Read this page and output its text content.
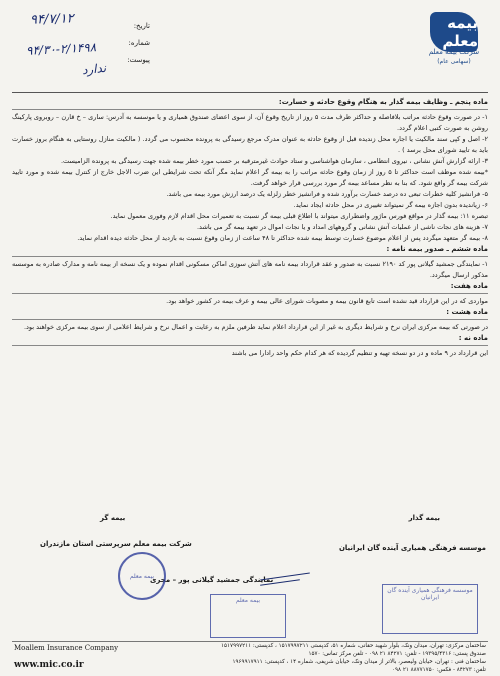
بیمه معلم
شرکت بیمه معلم
(سهامی عام)
تاریخ:
شماره:
پیوست:
۹۴/۷/۱۲
۹۴/۳۰-۲/۱۴۹۸
ندارد

ماده پنجم ـ وظایف بیمه گذار به هنگام وقوع حادثه و خسارت:

۱- در صورت وقوع حادثه مراتب بلافاصله و حداکثر ظرف مدت ۵ روز از تاریخ وقوع آن، از سوی اعضای صندوق همیاری و یا موسسه به آدرس: ساری – خ قارن – روبروی پارکینگ روشن به صورت کتبی اعلام گردد.

۲- اصل و کپی سند مالکیت یا اجاره محل زندیده قبل از وقوع حادثه به عنوان مدرک مرجع رسیدگی به پرونده محسوب می گردد. ( مالکیت منازل روستایی به هنگام بروز خسارت باید به تایید شورای محل برسد ) .

۳- ارائه گزارش آتش نشانی ، نیروی انتظامی ، سازمان هواشناسی و ستاد حوادث غیرمترقبه بر حسب مورد خطر بیمه شده جهت رسیدگی به پرونده الزامیست.

*بیمه شده موظف است حداکثر تا ۵ روز از زمان وقوع حادثه مراتب را به بیمه گر اعلام نماید مگر آنکه تحت شرایطی این ضرب الاجل خارج از کنترل بیمه شده و مورد تایید شرکت بیمه گر واقع شود. که بنا به نظر مساعد بیمه گر مورد بررسی قرار خواهد گرفت.

۵- فرانشیز کلیه خطرات تبعی ده درصد خسارت برآورد شده و فرانشیز خطر زلزله یک درصد ارزش مورد بیمه می باشد.

۶- زیاندیده بدون اجازه بیمه گر نمیتواند تغییری در محل حادثه ایجاد نماید.

تبصره ۱۱: بیمه گذار در مواقع فورس ماژور واضطراری میتواند با اطلاع قبلی بیمه گر نسبت به تعمیرات محل اقدام لازم وفوری معمول نماید.

۷- هزینه های نجات ناشی از عملیات آتش نشانی و گروههای امداد و یا نجات اموال در تعهد بیمه گر می باشد.

۸- بیمه گر متعهد میگردد پس از اعلام موضوع خسارت توسط بیمه شده حداکثر تا ۴۸ ساعت از زمان وقوع نسبت به بازدید از محل حادثه دیده اقدام نماید.

ماده ششم ـ صدور بیمه نامه :

۱- نمایندگی جمشید گیلانی پور کد ۲۱۹۰ نسبت به صدور و عقد قرارداد بیمه نامه های آتش سوزی اماکن مسکونی اقدام نموده و یک نسخه از بیمه نامه و مدارک صادره به موسسه مذکور ارسال میگردد.

ماده هفت:

مواردی که در این قرارداد قید نشده است تابع قانون بیمه و مصوبات شورای عالی بیمه و عرف بیمه در کشور خواهد بود.

ماده هشت :

در صورتی که بیمه مرکزی ایران نرخ و شرایط دیگری به غیر از این قرارداد اعلام نماید طرفین ملزم به رعایت و اعمال نرخ و شرایط اعلامی از سوی بیمه مرکزی خواهند بود.

ماده نه :

این قرارداد در ۹ ماده و در دو نسخه تهیه و تنظیم گردیده که هر کدام حکم واحد رادارا می باشند

بیمه گذار
موسسه فرهنگی همیاری آینده گان ایرانیان
بیمه گر
شرکت بیمه معلم سرپرستی استان مازندران
نمایندگی جمشید گیلانی پور – مجری
بیمه معلم
بیمه معلم
موسسه فرهنگی همیاری آینده گان ایرانیان
Moallem Insurance Company
www.mic.co.ir
ساختمان مرکزی: تهران، میدان ونک، بلوار شهید حقانی، شماره ۵۱، کدپستی ۱۵۱۷۹۹۷۲۱۱ ، کدپستی: ۱۵۱۷۹۹۷۲۱۱
صندوق پستی: ۱۹۳۹۵/۴۳۱۶ - تلفن: ۸۴۲۷۱ ۲۱ ۰۹۸ - تلفن مرکز تماس: ۱۵۷۰
ساختمان فنی : تهران، خیابان ولیعصر، بالاتر از میدان ونک، خیابان شریفی، شماره ۱۴ ، کدپستی: ۱۹۶۹۹۱۷۹۱۱
تلفن: ۸۴۲۷۳ - فکس: ۸۸۷۷۱۷۵۰ ۲۱ ۰۹۸
